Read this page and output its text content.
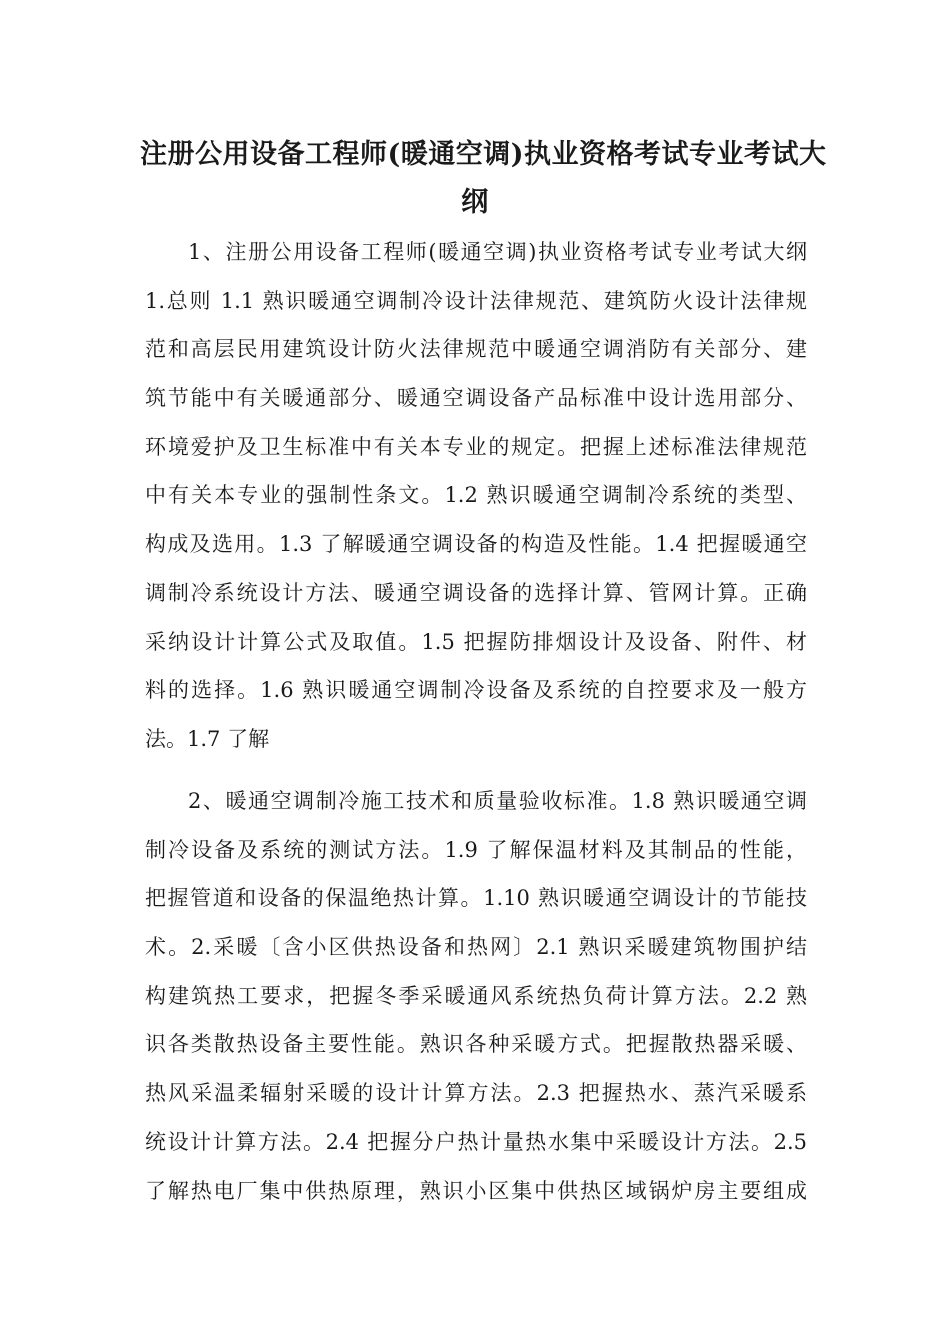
注册公用设备工程师(暖通空调)执业资格考试专业考试大
纲
1、注册公用设备工程师(暖通空调)执业资格考试专业考试大纲
1.总则 1.1 熟识暖通空调制冷设计法律规范、建筑防火设计法律规
范和高层民用建筑设计防火法律规范中暖通空调消防有关部分、建
筑节能中有关暖通部分、暖通空调设备产品标准中设计选用部分、
环境爱护及卫生标准中有关本专业的规定。把握上述标准法律规范
中有关本专业的强制性条文。1.2 熟识暖通空调制冷系统的类型、
构成及选用。1.3 了解暖通空调设备的构造及性能。1.4 把握暖通空
调制冷系统设计方法、暖通空调设备的选择计算、管网计算。正确
采纳设计计算公式及取值。1.5 把握防排烟设计及设备、附件、材
料的选择。1.6 熟识暖通空调制冷设备及系统的自控要求及一般方
法。1.7 了解
2、暖通空调制冷施工技术和质量验收标准。1.8 熟识暖通空调
制冷设备及系统的测试方法。1.9 了解保温材料及其制品的性能，
把握管道和设备的保温绝热计算。1.10 熟识暖通空调设计的节能技
术。2.采暖〔含小区供热设备和热网〕2.1 熟识采暖建筑物围护结
构建筑热工要求，把握冬季采暖通风系统热负荷计算方法。2.2 熟
识各类散热设备主要性能。熟识各种采暖方式。把握散热器采暖、
热风采温柔辐射采暖的设计计算方法。2.3 把握热水、蒸汽采暖系
统设计计算方法。2.4 把握分户热计量热水集中采暖设计方法。2.5
了解热电厂集中供热原理，熟识小区集中供热区域锅炉房主要组成
